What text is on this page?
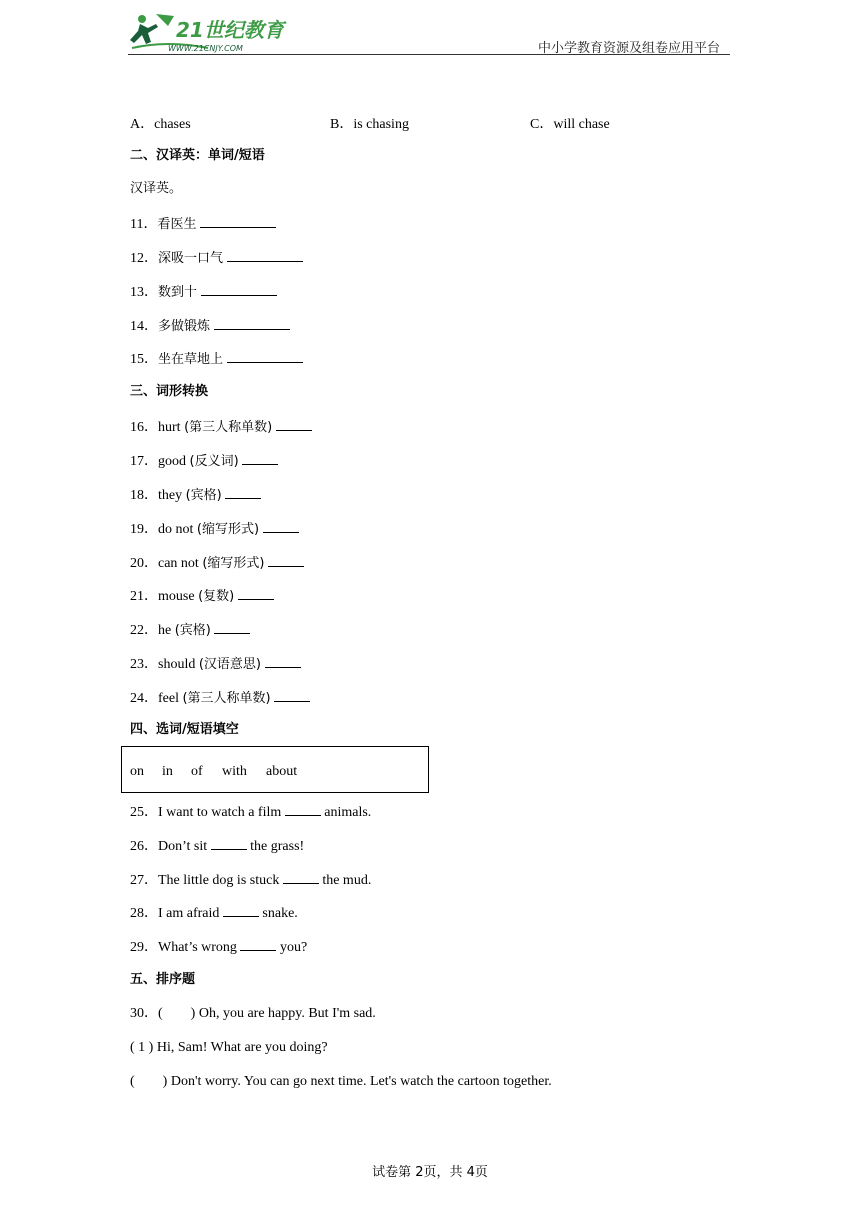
21世纪教育
WWW.21CNJY.COM	中小学教育资源及组卷应用平台
A．chases	B．is chasing	C．will chase
二、汉译英：单词/短语
汉译英。
11．看医生
12．深吸一口气
13．数到十
14．多做锻炼
15．坐在草地上
三、词形转换
16．hurt (第三人称单数)
17．good (反义词)
18．they (宾格)
19．do not (缩写形式)
20．can not (缩写形式)
21．mouse (复数)
22．he (宾格)
23．should (汉语意思)
24．feel (第三人称单数)
四、选词/短语填空
on in of with about
25．I want to watch a film	animals.
26．Don’t sit	the grass!
27．The little dog is stuck	the mud.
28．I am afraid	snake.
29．What’s wrong	you?
五、排序题
30．( ) Oh, you are happy. But I'm sad.
( 1 ) Hi, Sam! What are you doing?
( ) Don't worry. You can go next time. Let's watch the cartoon together.
试卷第 2页，共 4页
